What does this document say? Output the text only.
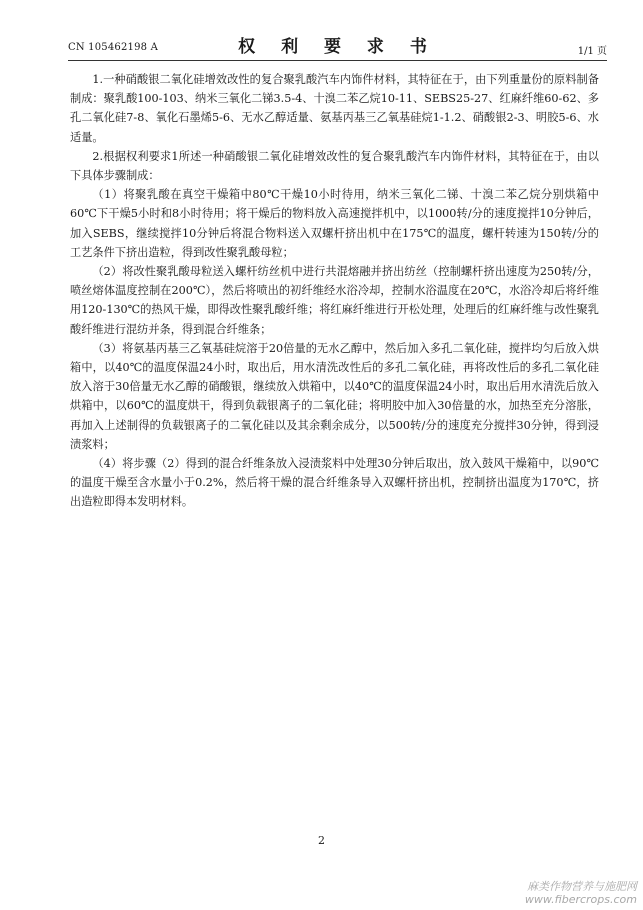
CN 105462198 A	权 利 要 求 书	1/1 页

1.一种硝酸银二氧化硅增效改性的复合聚乳酸汽车内饰件材料，其特征在于，由下列重量份的原料制备制成：聚乳酸100-103、纳米三氧化二锑3.5-4、十溴二苯乙烷10-11、SEBS25-27、红麻纤维60-62、多孔二氧化硅7-8、氧化石墨烯5-6、无水乙醇适量、氨基丙基三乙氧基硅烷1-1.2、硝酸银2-3、明胶5-6、水适量。

2.根据权利要求1所述一种硝酸银二氧化硅增效改性的复合聚乳酸汽车内饰件材料，其特征在于，由以下具体步骤制成：

（1）将聚乳酸在真空干燥箱中80℃干燥10小时待用，纳米三氧化二锑、十溴二苯乙烷分别烘箱中60℃下干燥5小时和8小时待用；将干燥后的物料放入高速搅拌机中，以1000转/分的速度搅拌10分钟后，加入SEBS，继续搅拌10分钟后将混合物料送入双螺杆挤出机中在175℃的温度，螺杆转速为150转/分的工艺条件下挤出造粒，得到改性聚乳酸母粒；

（2）将改性聚乳酸母粒送入螺杆纺丝机中进行共混熔融并挤出纺丝（控制螺杆挤出速度为250转/分，喷丝熔体温度控制在200℃），然后将喷出的初纤维经水浴冷却，控制水浴温度在20℃，水浴冷却后将纤维用120-130℃的热风干燥，即得改性聚乳酸纤维；将红麻纤维进行开松处理，处理后的红麻纤维与改性聚乳酸纤维进行混纺并条，得到混合纤维条；

（3）将氨基丙基三乙氧基硅烷溶于20倍量的无水乙醇中，然后加入多孔二氧化硅，搅拌均匀后放入烘箱中，以40℃的温度保温24小时，取出后，用水清洗改性后的多孔二氧化硅，再将改性后的多孔二氧化硅放入溶于30倍量无水乙醇的硝酸银，继续放入烘箱中，以40℃的温度保温24小时，取出后用水清洗后放入烘箱中，以60℃的温度烘干，得到负载银离子的二氧化硅；将明胶中加入30倍量的水，加热至充分溶胀，再加入上述制得的负载银离子的二氧化硅以及其余剩余成分，以500转/分的速度充分搅拌30分钟，得到浸渍浆料；

（4）将步骤（2）得到的混合纤维条放入浸渍浆料中处理30分钟后取出，放入鼓风干燥箱中，以90℃的温度干燥至含水量小于0.2%，然后将干燥的混合纤维条导入双螺杆挤出机，控制挤出温度为170℃，挤出造粒即得本发明材料。

2
麻类作物营养与施肥网
www.fibercrops.com
